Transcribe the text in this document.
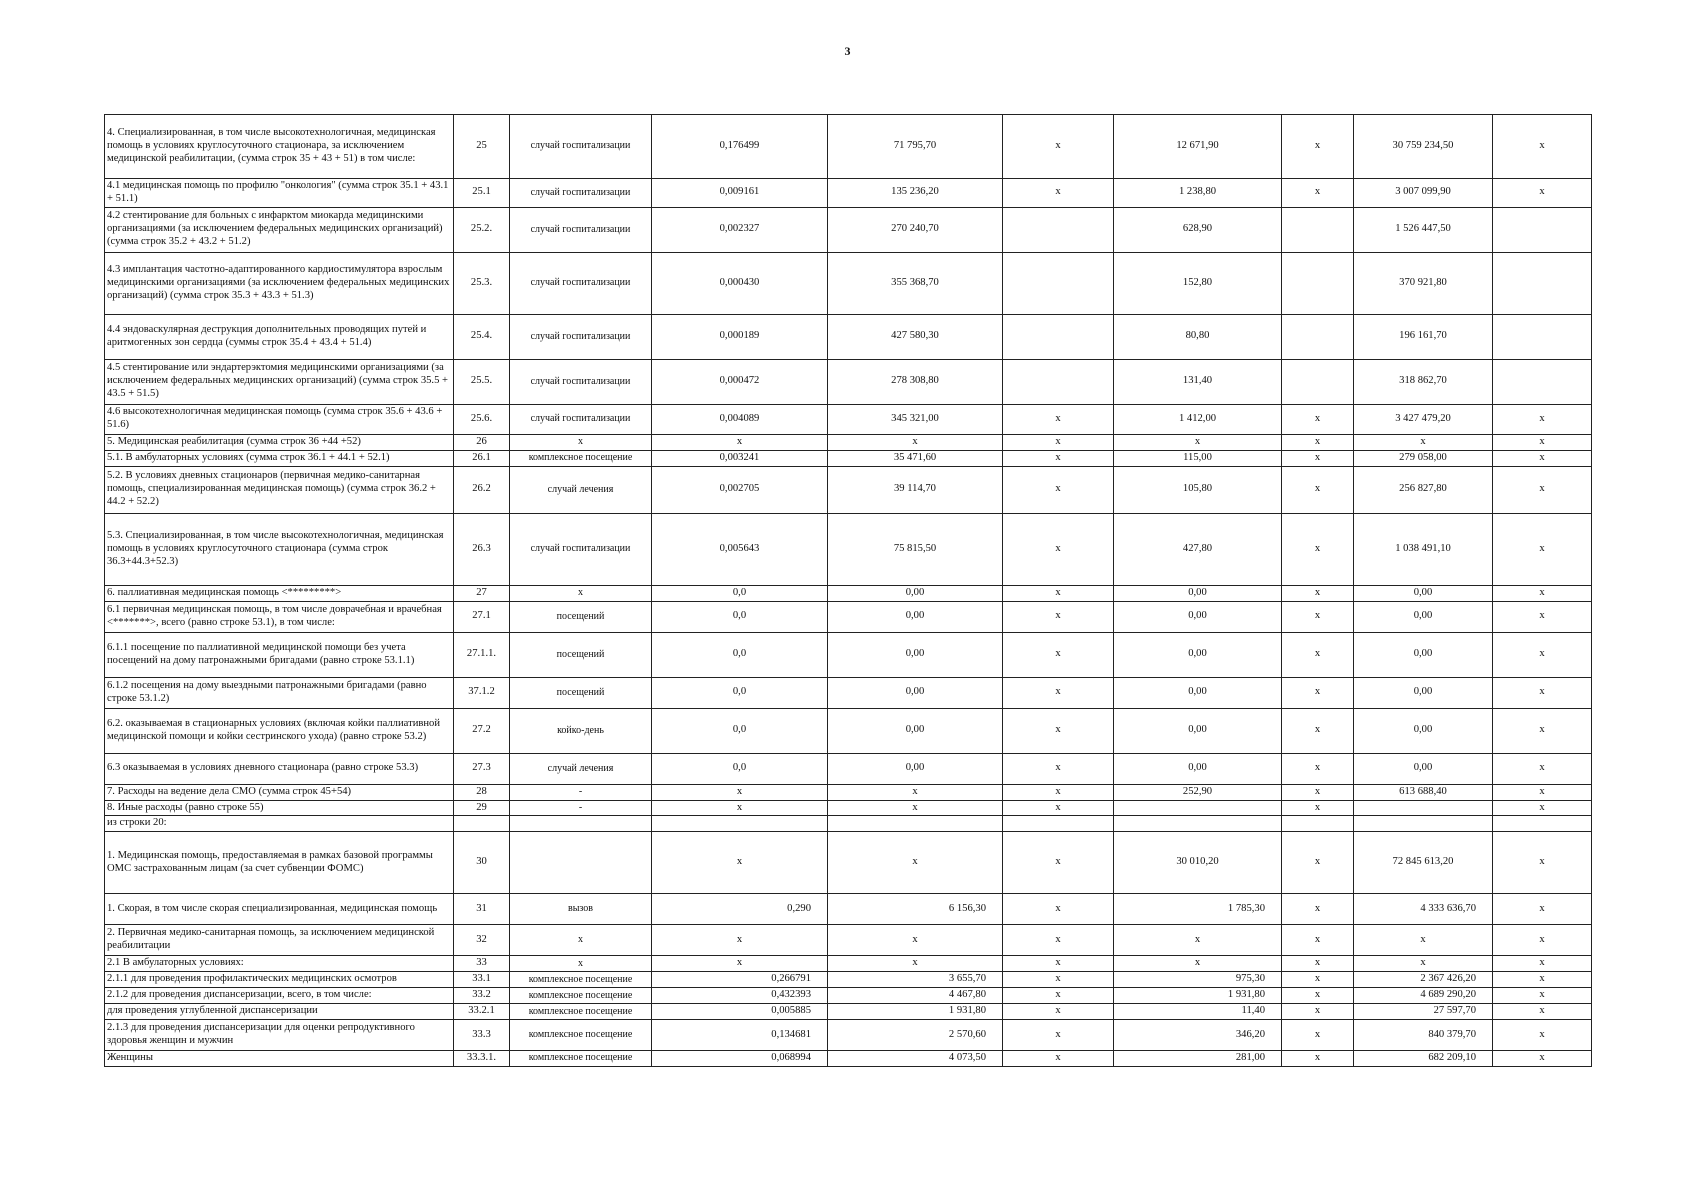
3
4. Специализированная, в том числе высокотехнологичная, медицинская помощь в условиях круглосуточного стационара, за исключением медицинской реабилитации, (сумма строк 35 + 43 + 51) в том числе:	25	случай госпитализации	0,176499	71 795,70	х	12 671,90	х	30 759 234,50	х
4.1 медицинская помощь по профилю "онкология" (сумма строк 35.1 + 43.1 + 51.1)	25.1	случай госпитализации	0,009161	135 236,20	х	1 238,80	х	3 007 099,90	х
4.2 стентирование для больных с инфарктом миокарда медицинскими организациями (за исключением федеральных медицинских организаций) (сумма строк 35.2 + 43.2 + 51.2)	25.2.	случай госпитализации	0,002327	270 240,70		628,90		1 526 447,50	
4.3 имплантация частотно-адаптированного кардиостимулятора взрослым медицинскими организациями (за исключением федеральных медицинских организаций) (сумма строк 35.3 + 43.3 + 51.3)	25.3.	случай госпитализации	0,000430	355 368,70		152,80		370 921,80	
4.4 эндоваскулярная деструкция дополнительных проводящих путей и аритмогенных зон сердца (суммы строк 35.4 + 43.4 + 51.4)	25.4.	случай госпитализации	0,000189	427 580,30		80,80		196 161,70	
4.5 стентирование или эндартерэктомия медицинскими организациями (за исключением федеральных медицинских организаций) (сумма строк 35.5 + 43.5 + 51.5)	25.5.	случай госпитализации	0,000472	278 308,80		131,40		318 862,70	
4.6 высокотехнологичная медицинская помощь (сумма строк 35.6 + 43.6 + 51.6)	25.6.	случай госпитализации	0,004089	345 321,00	х	1 412,00	х	3 427 479,20	х
5. Медицинская реабилитация (сумма строк 36 +44 +52)	26	х	х	х	х	х	х	х	х
5.1. В амбулаторных условиях (сумма строк 36.1 + 44.1 + 52.1)	26.1	комплексное посещение	0,003241	35 471,60	х	115,00	х	279 058,00	х
5.2. В условиях дневных стационаров (первичная медико-санитарная помощь, специализированная медицинская помощь) (сумма строк 36.2 + 44.2 + 52.2)	26.2	случай лечения	0,002705	39 114,70	х	105,80	х	256 827,80	х
5.3. Специализированная, в том числе высокотехнологичная, медицинская помощь в условиях круглосуточного стационара (сумма строк 36.3+44.3+52.3)	26.3	случай госпитализации	0,005643	75 815,50	х	427,80	х	1 038 491,10	х
6. паллиативная медицинская помощь <*********>	27	х	0,0	0,00	х	0,00	х	0,00	х
6.1 первичная медицинская помощь, в том числе доврачебная и врачебная <*******>, всего (равно строке 53.1), в том числе:	27.1	посещений	0,0	0,00	х	0,00	х	0,00	х
6.1.1 посещение по паллиативной медицинской помощи без учета посещений на дому патронажными бригадами (равно строке 53.1.1)	27.1.1.	посещений	0,0	0,00	х	0,00	х	0,00	х
6.1.2 посещения на дому выездными патронажными бригадами (равно строке 53.1.2)	37.1.2	посещений	0,0	0,00	х	0,00	х	0,00	х
6.2. оказываемая в стационарных условиях (включая койки паллиативной медицинской помощи и койки сестринского ухода) (равно строке 53.2)	27.2	койко-день	0,0	0,00	х	0,00	х	0,00	х
6.3 оказываемая в условиях дневного стационара (равно строке 53.3)	27.3	случай лечения	0,0	0,00	х	0,00	х	0,00	х
7. Расходы на ведение дела СМО (сумма строк 45+54)	28	-	х	х	х	252,90	х	613 688,40	х
8. Иные расходы (равно строке 55)	29	-	х	х	х		х		х
из строки 20:									
1. Медицинская помощь, предоставляемая в рамках базовой программы ОМС застрахованным лицам (за счет субвенции ФОМС)	30		х	х	х	30 010,20	х	72 845 613,20	х
1. Скорая, в том числе скорая специализированная, медицинская помощь	31	вызов	0,290	6 156,30	х	1 785,30	х	4 333 636,70	х
2. Первичная медико-санитарная помощь, за исключением медицинской реабилитации	32	х	х	х	х	х	х	х	х
2.1 В амбулаторных условиях:	33	х	х	х	х	х	х	х	х
2.1.1 для проведения профилактических медицинских осмотров	33.1	комплексное посещение	0,266791	3 655,70	х	975,30	х	2 367 426,20	х
2.1.2 для проведения диспансеризации, всего, в том числе:	33.2	комплексное посещение	0,432393	4 467,80	х	1 931,80	х	4 689 290,20	х
для проведения углубленной диспансеризации	33.2.1	комплексное посещение	0,005885	1 931,80	х	11,40	х	27 597,70	х
2.1.3 для проведения диспансеризации для оценки репродуктивного здоровья женщин и мужчин	33.3	комплексное посещение	0,134681	2 570,60	х	346,20	х	840 379,70	х
Женщины	33.3.1.	комплексное посещение	0,068994	4 073,50	х	281,00	х	682 209,10	х
